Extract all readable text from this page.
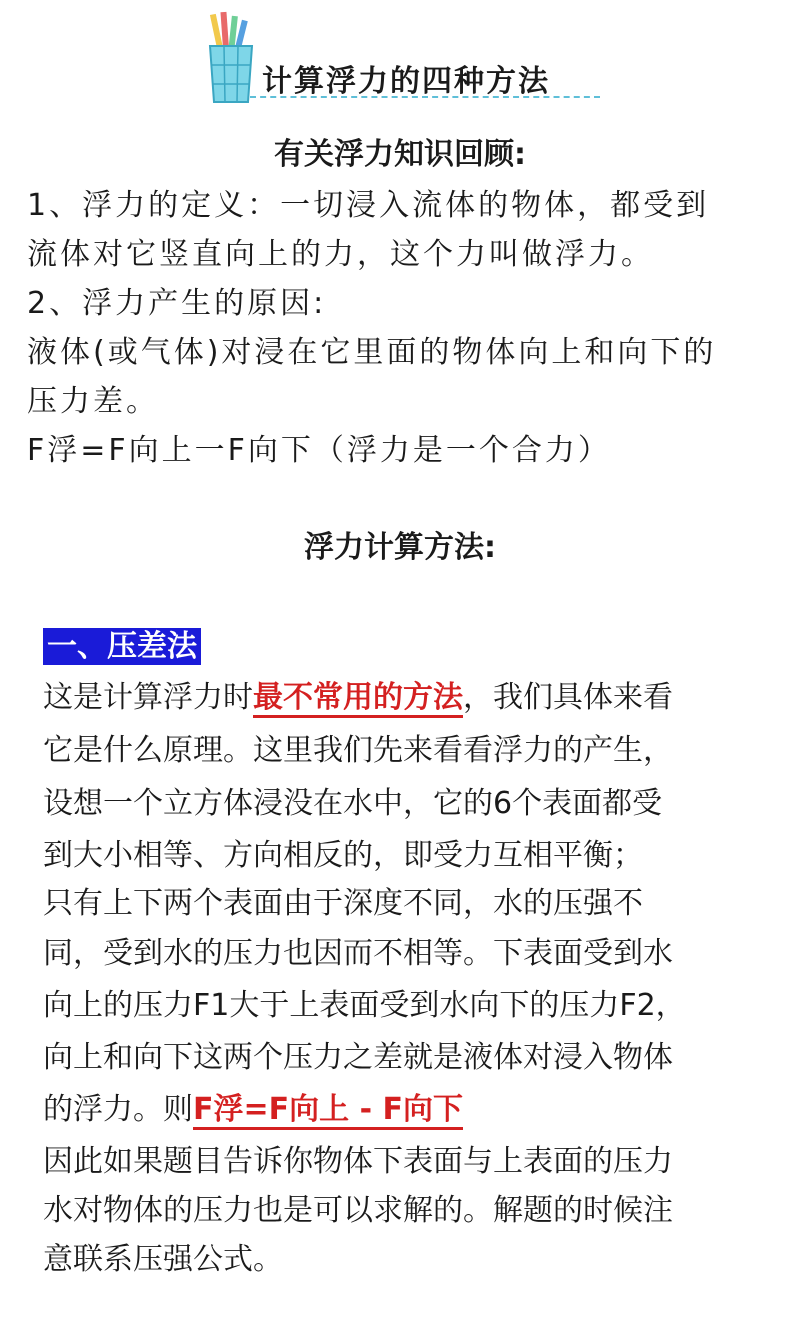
计算浮力的四种方法
有关浮力知识回顾:
1、浮力的定义：一切浸入流体的物体，都受到
流体对它竖直向上的力，这个力叫做浮力。
2、浮力产生的原因:
液体(或气体)对浸在它里面的物体向上和向下的
压力差。
F浮=F向上一F向下（浮力是一个合力）
浮力计算方法:
一、压差法
这是计算浮力时最不常用的方法，我们具体来看
它是什么原理。这里我们先来看看浮力的产生，
设想一个立方体浸没在水中，它的6个表面都受
到大小相等、方向相反的，即受力互相平衡；
只有上下两个表面由于深度不同，水的压强不
同，受到水的压力也因而不相等。下表面受到水
向上的压力F1大于上表面受到水向下的压力F2，
向上和向下这两个压力之差就是液体对浸入物体
的浮力。则F浮=F向上 - F向下
因此如果题目告诉你物体下表面与上表面的压力
水对物体的压力也是可以求解的。解题的时候注
意联系压强公式。
